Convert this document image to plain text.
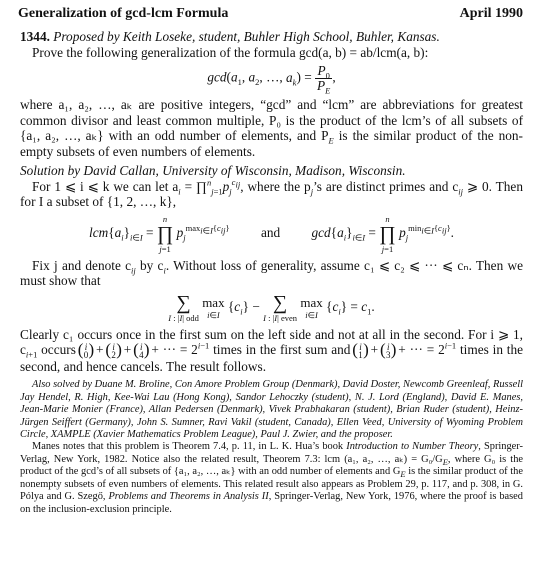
Generalization of gcd-lcm Formula	April 1990

1344. Proposed by Keith Loseke, student, Buhler High School, Buhler, Kansas.

Prove the following generalization of the formula gcd(a, b) = ab/lcm(a, b):

$\gcd(a_1$, $a_2$, …, $a_k) = \frac{P_0}{P_E}$ ,

where a₁, a₂, …, aₖ are positive integers, “gcd” and “lcm” are abbreviations for greatest common divisor and least common multiple, P₀ is the product of the lcm’s of all subsets of {a₁, a₂, …, aₖ} with an odd number of elements, and $P_E$ is the similar product of the non-empty subsets of even numbers of elements.

Solution by David Callan, University of Wisconsin, Madison, Wisconsin.

For 1 ⩽ i ⩽ k we can let $a_i$ = $\prod^n_{j=1}p_j^{c_{ij}}$, where the $p_j’s$ are distinct primes and $c_{ij}$ ⩾ 0. Then for I a subset of {1, 2, …, k},

$lcm\{a_i\}_{i\in I}$ =
n
∏
j=1
$p_j^{max_{i\in I}\{c_{ij}\}}$ and $\gcd\{a_i\}_{i\in I}$ =
n
∏
j=1
$p_j^{min_{i\in I}\{c_{ij}\}}$.

Fix j and denote $c_{ij}$ by $c_i$. Without loss of generality, assume c₁ ⩽ c₂ ⩽ ··· ⩽ cₙ. Then we must show that

∑
I : |I| odd

max
i∈I
$\{c_i\}$ − ∑
I : |I| even

max
i∈I
$\{c_i\} = c_1$.

Clearly c₁ occurs once in the first sum on the left side and not at all in the second. For i ⩾ 1, $c_{i+1}$ occurs ( i
0
) + ( i
2
) + ( i
4
) + ··· = $2^{i-1}$ times in the first sum and ( i
1
) + ( i
3
) + ··· = $2^{i-1}$ times in the second, and hence cancels. The result follows.

Also solved by Duane M. Broline, Con Amore Problem Group (Denmark), David Doster, Newcomb Greenleaf, Russell Jay Hendel, R. High, Kee-Wai Lau (Hong Kong), Sandor Lehoczky (student), N. J. Lord (England), David E. Manes, Jean-Marie Monier (France), Allan Pedersen (Denmark), Vivek Prabhakaran (student), Brian Ruder (student), Heinz-Jürgen Seiffert (Germany), John S. Sumner, Ravi Vakil (student, Canada), Ellen Veed, University of Wyoming Problem Circle, XAMPLE (Xavier Mathematics Problem League), Paul J. Zwier, and the proposer.

Manes notes that this problem is Theorem 7.4, p. 11, in L. K. Hua’s book Introduction to Number Theory, Springer-Verlag, New York, 1982. Notice also the related result, Theorem 7.3: lcm (a₁, a₂, …, $a_k) = G_0/G_E$, where G₀ is the product of the gcd’s of all subsets of {a₁, a₂, …, aₖ} with an odd number of elements and $G_E$ is the similar product of the nonempty subsets of even numbers of elements. This related result also appears as Problem 29, p. 117, and p. 308, in G. Pólya and G. Szegő, Problems and Theorems in Analysis II, Springer-Verlag, New York, 1976, where the proof is based on the inclusion-exclusion principle.
